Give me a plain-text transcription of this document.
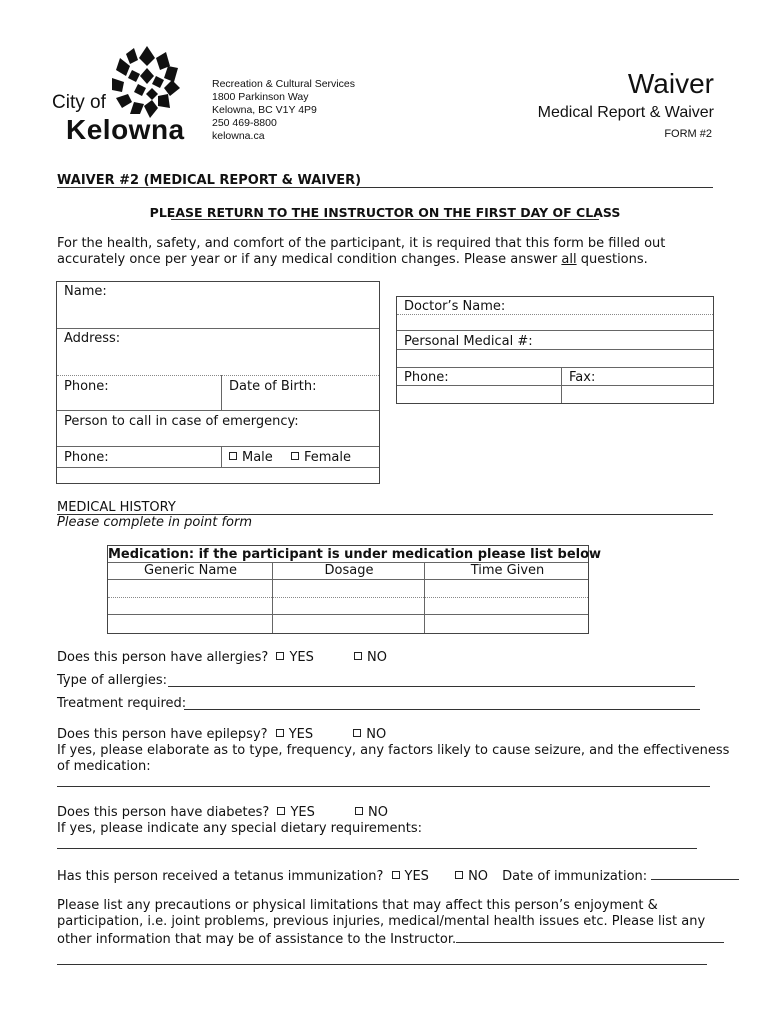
City of
Kelowna
Recreation & Cultural Services
1800 Parkinson Way
Kelowna, BC V1Y 4P9
250 469-8800
kelowna.ca
Waiver
Medical Report & Waiver
FORM #2
WAIVER #2 (MEDICAL REPORT & WAIVER)
PLEASE RETURN TO THE INSTRUCTOR ON THE FIRST DAY OF CLASS
For the health, safety, and comfort of the participant, it is required that this form be filled out
accurately once per year or if any medical condition changes. Please answer all questions.
Name:
Address:
Phone:	Date of Birth:
Person to call in case of emergency:
Phone:	Male	Female
Doctor’s Name:
Personal Medical #:
Phone:	Fax:
MEDICAL HISTORY
Please complete in point form
Medication: if the participant is under medication please list below
Generic Name	Dosage	Time Given
Does this person have allergies? YES	NO
Type of allergies:
Treatment required:
Does this person have epilepsy? YES	NO
If yes, please elaborate as to type, frequency, any factors likely to cause seizure, and the effectiveness
of medication:
Does this person have diabetes? YES	NO
If yes, please indicate any special dietary requirements:
Has this person received a tetanus immunization? YES	NO Date of immunization:
Please list any precautions or physical limitations that may affect this person’s enjoyment &
participation, i.e. joint problems, previous injuries, medical/mental health issues etc. Please list any
other information that may be of assistance to the Instructor.
